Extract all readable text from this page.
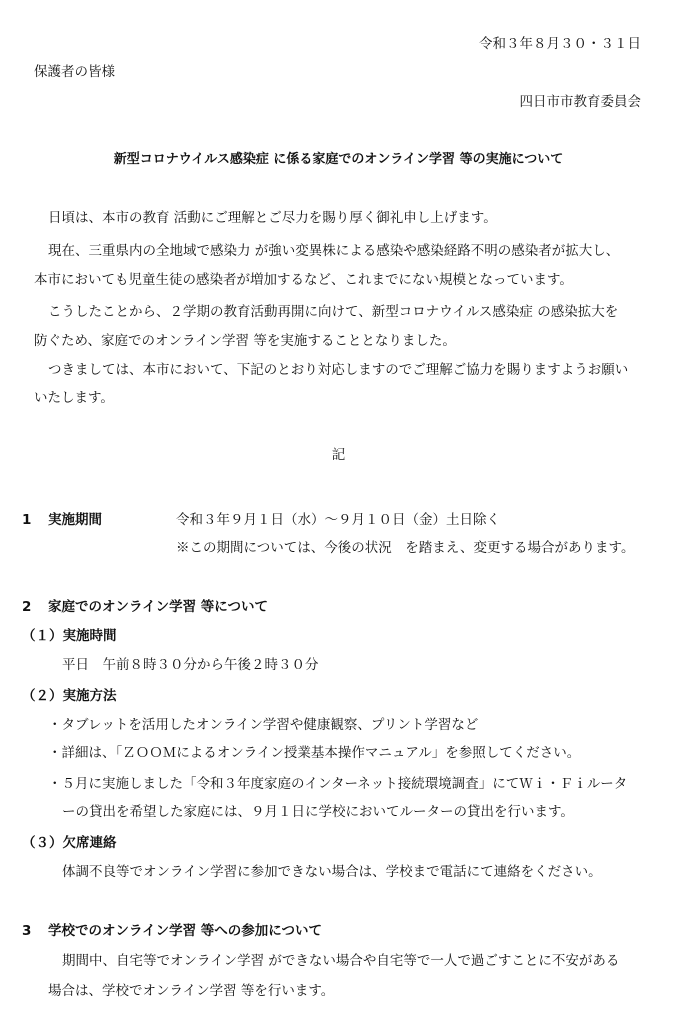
令和３年８月３０・３１日
保護者の皆様
四日市市教育委員会
新型コロナウイルス感染症 に係る家庭でのオンライン学習 等の実施について
日頃は、本市の教育 活動にご理解とご尽力を賜り厚く御礼申し上げます。
現在、三重県内の全地域で感染力 が強い変異株による感染や感染経路不明の感染者が拡大し、
本市においても児童生徒の感染者が増加するなど、これまでにない規模となっています。
こうしたことから、２学期の教育活動再開に向けて、新型コロナウイルス感染症 の感染拡大を
防ぐため、家庭でのオンライン学習 等を実施することとなりました。
つきましては、本市において、下記のとおり対応しますのでご理解ご協力を賜りますようお願い
いたします。
記
1 実施期間	令和３年９月１日（水）～９月１０日（金）土日除く
※この期間については、今後の状況　を踏まえ、変更する場合があります。
2 家庭でのオンライン学習 等について
（１）実施時間
平日　午前８時３０分から午後２時３０分
（２）実施方法
・タブレットを活用したオンライン学習や健康観察、プリント学習など
・詳細は、「ＺＯＯＭによるオンライン授業基本操作マニュアル」を参照してください。
・５月に実施しました「令和３年度家庭のインターネット接続環境調査」にてＷｉ・Ｆｉルータ
ーの貸出を希望した家庭には、９月１日に学校においてルーターの貸出を行います。
（３）欠席連絡
体調不良等でオンライン学習に参加できない場合は、学校まで電話にて連絡をください。
3 学校でのオンライン学習 等への参加について
期間中、自宅等でオンライン学習 ができない場合や自宅等で一人で過ごすことに不安がある
場合は、学校でオンライン学習 等を行います。
